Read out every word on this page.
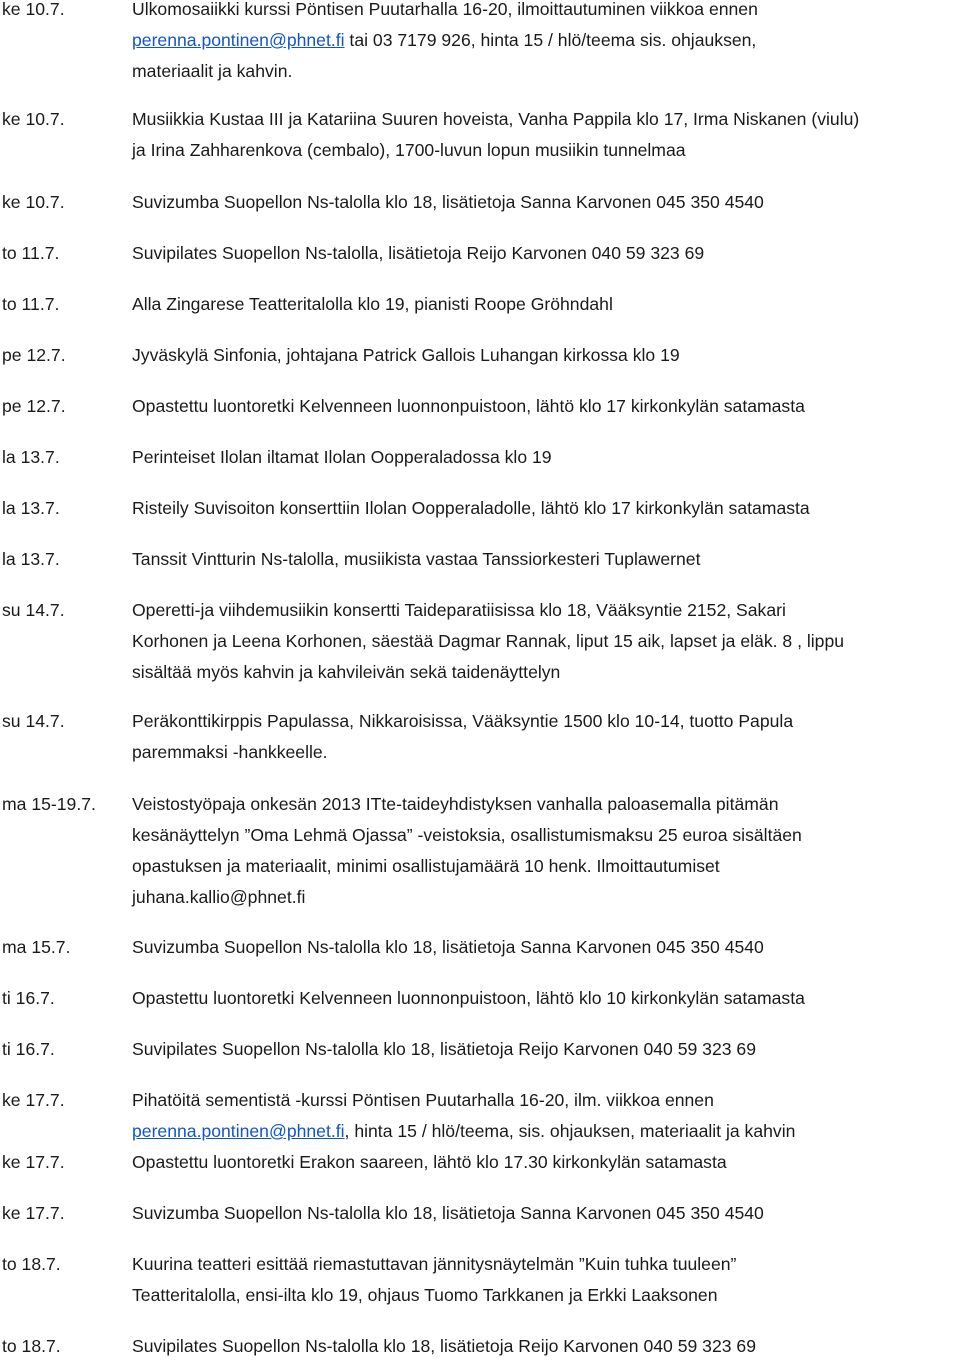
ke 10.7.	Ulkomosaiikki kurssi Pöntisen Puutarhalla 16-20, ilmoittautuminen viikkoa ennen
perenna.pontinen@phnet.fi tai 03 7179 926, hinta 15 / hlö/teema sis. ohjauksen,
materiaalit ja kahvin.
ke 10.7.	Musiikkia Kustaa III ja Katariina Suuren hoveista, Vanha Pappila klo 17, Irma Niskanen (viulu)
ja Irina Zahharenkova (cembalo), 1700-luvun lopun musiikin tunnelmaa
ke 10.7.	Suvizumba Suopellon Ns-talolla klo 18, lisätietoja Sanna Karvonen 045 350 4540
to 11.7.	Suvipilates Suopellon Ns-talolla, lisätietoja Reijo Karvonen 040 59 323 69
to 11.7.	Alla Zingarese Teatteritalolla klo 19, pianisti Roope Gröhndahl
pe 12.7.	Jyväskylä Sinfonia, johtajana Patrick Gallois Luhangan kirkossa klo 19
pe 12.7.	Opastettu luontoretki Kelvenneen luonnonpuistoon, lähtö klo 17 kirkonkylän satamasta
la 13.7.	Perinteiset Ilolan iltamat Ilolan Oopperaladossa klo 19
la 13.7.	Risteily Suvisoiton konserttiin Ilolan Oopperaladolle, lähtö klo 17 kirkonkylän satamasta
la 13.7.	Tanssit Vintturin Ns-talolla, musiikista vastaa Tanssiorkesteri Tuplawernet
su 14.7.	Operetti-ja viihdemusiikin konsertti Taideparatiisissa klo 18, Vääksyntie 2152, Sakari
Korhonen ja Leena Korhonen, säestää Dagmar Rannak, liput 15 aik, lapset ja eläk. 8 , lippu
sisältää myös kahvin ja kahvileivän sekä taidenäyttelyn
su 14.7.	Peräkonttikirppis Papulassa, Nikkaroisissa, Vääksyntie 1500 klo 10-14, tuotto Papula
paremmaksi -hankkeelle.
ma 15-19.7.	Veistostyöpaja onkesän 2013 ITte-taideyhdistyksen vanhalla paloasemalla pitämän
kesänäyttelyn ”Oma Lehmä Ojassa” -veistoksia, osallistumismaksu 25 euroa sisältäen
opastuksen ja materiaalit, minimi osallistujamäärä 10 henk. Ilmoittautumiset
juhana.kallio@phnet.fi
ma 15.7.	Suvizumba Suopellon Ns-talolla klo 18, lisätietoja Sanna Karvonen 045 350 4540
ti 16.7.	Opastettu luontoretki Kelvenneen luonnonpuistoon, lähtö klo 10 kirkonkylän satamasta
ti 16.7.	Suvipilates Suopellon Ns-talolla klo 18, lisätietoja Reijo Karvonen 040 59 323 69
ke 17.7.	Pihatöitä sementistä -kurssi Pöntisen Puutarhalla 16-20, ilm. viikkoa ennen
perenna.pontinen@phnet.fi, hinta 15 / hlö/teema, sis. ohjauksen, materiaalit ja kahvin
ke 17.7.	Opastettu luontoretki Erakon saareen, lähtö klo 17.30 kirkonkylän satamasta
ke 17.7.	Suvizumba Suopellon Ns-talolla klo 18, lisätietoja Sanna Karvonen 045 350 4540
to 18.7.	Kuurina teatteri esittää riemastuttavan jännitysnäytelmän ”Kuin tuhka tuuleen”
Teatteritalolla, ensi-ilta klo 19, ohjaus Tuomo Tarkkanen ja Erkki Laaksonen
to 18.7.	Suvipilates Suopellon Ns-talolla klo 18, lisätietoja Reijo Karvonen 040 59 323 69
